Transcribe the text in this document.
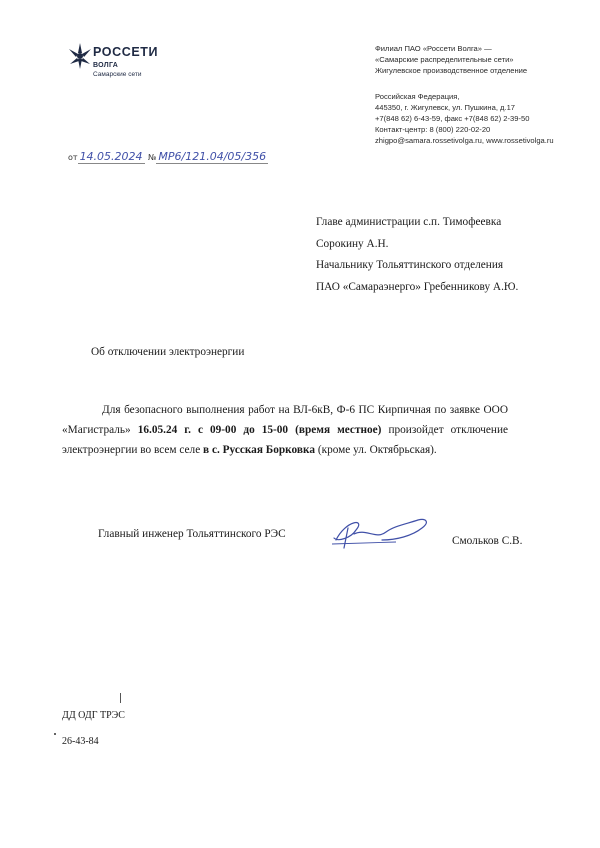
РОССЕТИ
ВОЛГА
Самарские сети
Филиал ПАО «Россети Волга» —
«Самарские распределительные сети»
Жигулевское производственное отделение
Российская Федерация,
445350, г. Жигулевск, ул. Пушкина, д.17
+7(848 62) 6-43-59, факс +7(848 62) 2-39-50
Контакт-центр: 8 (800) 220-02-20
zhigpo@samara.rossetivolga.ru, www.rossetivolga.ru
от 14.05.2024 № МР6/121.04/05/356
Главе администрации с.п. Тимофеевка
Сорокину А.Н.
Начальнику Тольяттинского отделения
ПАО «Самараэнерго» Гребенникову А.Ю.
Об отключении электроэнергии

Для безопасного выполнения работ на ВЛ-6кВ, Ф-6 ПС Кирпичная по заявке ООО «Магистраль» 16.05.24 г. с 09-00 до 15-00 (время местное) произойдет отключение электроэнергии во всем селе в с. Русская Борковка (кроме ул. Октябрьская).

Главный инженер Тольяттинского РЭС
Смольков С.В.
ДД ОДГ ТРЭС
26-43-84
